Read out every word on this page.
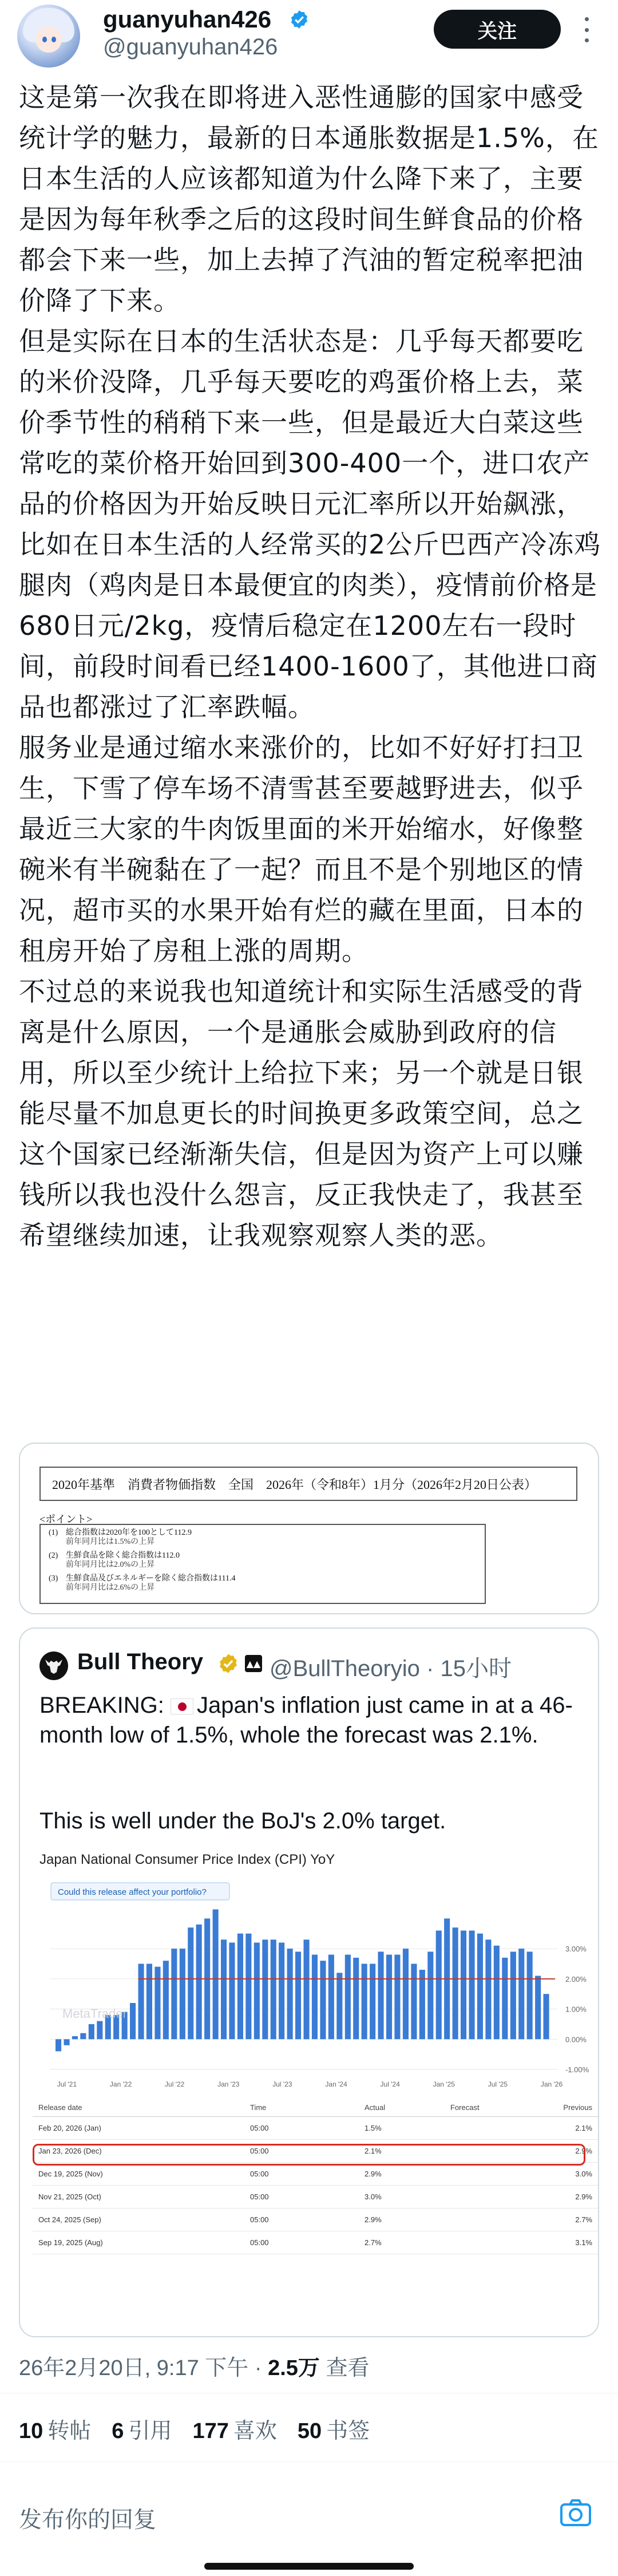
guanyuhan426
@guanyuhan426
关注

这是第一次我在即将进入恶性通膨的国家中感受统计学的魅力，最新的日本通胀数据是1.5%，在日本生活的人应该都知道为什么降下来了，主要是因为每年秋季之后的这段时间生鲜食品的价格都会下来一些，加上去掉了汽油的暂定税率把油价降了下来。

但是实际在日本的生活状态是：几乎每天都要吃的米价没降，几乎每天要吃的鸡蛋价格上去，菜价季节性的稍稍下来一些，但是最近大白菜这些常吃的菜价格开始回到300-400一个，进口农产品的价格因为开始反映日元汇率所以开始飙涨，比如在日本生活的人经常买的2公斤巴西产冷冻鸡腿肉（鸡肉是日本最便宜的肉类），疫情前价格是680日元/2kg，疫情后稳定在1200左右一段时间，前段时间看已经1400-1600了，其他进口商品也都涨过了汇率跌幅。

服务业是通过缩水来涨价的，比如不好好打扫卫生，下雪了停车场不清雪甚至要越野进去，似乎最近三大家的牛肉饭里面的米开始缩水，好像整碗米有半碗黏在了一起？而且不是个别地区的情况，超市买的水果开始有烂的藏在里面，日本的租房开始了房租上涨的周期。

不过总的来说我也知道统计和实际生活感受的背离是什么原因，一个是通胀会威胁到政府的信用，所以至少统计上给拉下来；另一个就是日银能尽量不加息更长的时间换更多政策空间，总之这个国家已经渐渐失信，但是因为资产上可以赚钱所以我也没什么怨言，反正我快走了，我甚至希望继续加速，让我观察观察人类的恶。

2020年基準　消費者物価指数　全国　2026年（令和8年）1月分（2026年2月20日公表）
<ポイント>
(1) 総合指数は2020年を100として112.9
前年同月比は1.5%の上昇
(2) 生鮮食品を除く総合指数は112.0
前年同月比は2.0%の上昇
(3) 生鮮食品及びエネルギーを除く総合指数は111.4
前年同月比は2.6%の上昇
Bull Theory	▲▲ @BullTheoryio · 15小时
BREAKING: Japan's inflation just came in at a 46-month low of 1.5%, whole the forecast was 2.1%.
This is well under the BoJ's 2.0% target.
Japan National Consumer Price Index (CPI) YoY
Could this release affect your portfolio?
MetaTrader
3.00%
2.00%
1.00%
0.00%
-1.00%
Jul '21	Jan '22	Jul '22	Jan '23	Jul '23	Jan '24	Jul '24	Jan '25	Jul '25	Jan '26
Release date	Time	Actual	Forecast	Previous
Feb 20, 2026 (Jan)	05:00	1.5%		2.1%
Jan 23, 2026 (Dec)	05:00	2.1%		2.9%
Dec 19, 2025 (Nov)	05:00	2.9%		3.0%
Nov 21, 2025 (Oct)	05:00	3.0%		2.9%
Oct 24, 2025 (Sep)	05:00	2.9%		2.7%
Sep 19, 2025 (Aug)	05:00	2.7%		3.1%
26年2月20日, 9:17 下午 · 2.5万 查看
10 转帖 6 引用 177 喜欢 50 书签
发布你的回复
